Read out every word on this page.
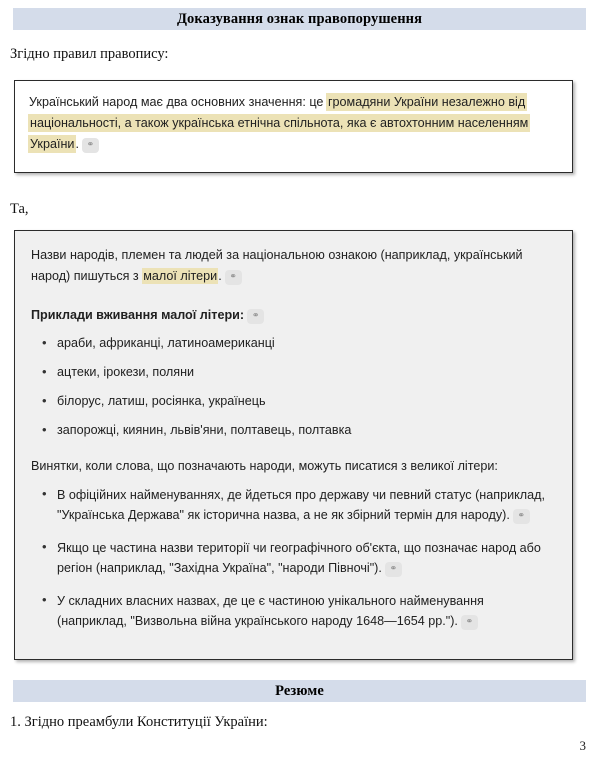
Доказування ознак правопорушення
Згідно правил правопису:

Український народ має два основних значення: це громадяни України незалежно від національності, а також українська етнічна спільнота, яка є автохтонним населенням України. ⚭

Та,

Назви народів, племен та людей за національною ознакою (наприклад, український народ) пишуться з малої літери. ⚭

Приклади вживання малої літери: ⚭

• араби, африканці, латиноамериканці
• ацтеки, ірокези, поляни
• білорус, латиш, росіянка, українець
• запорожці, киянин, львів'яни, полтавець, полтавка

Винятки, коли слова, що позначають народи, можуть писатися з великої літери:

• В офіційних найменуваннях, де йдеться про державу чи певний статус (наприклад, "Українська Держава" як історична назва, а не як збірний термін для народу). ⚭
• Якщо це частина назви території чи географічного об'єкта, що позначає народ або регіон (наприклад, "Західна Україна", "народи Півночі"). ⚭
• У складних власних назвах, де це є частиною унікального найменування (наприклад, "Визвольна війна українського народу 1648—1654 рр."). ⚭
Резюме
1. Згідно преамбули Конституції України:
3
